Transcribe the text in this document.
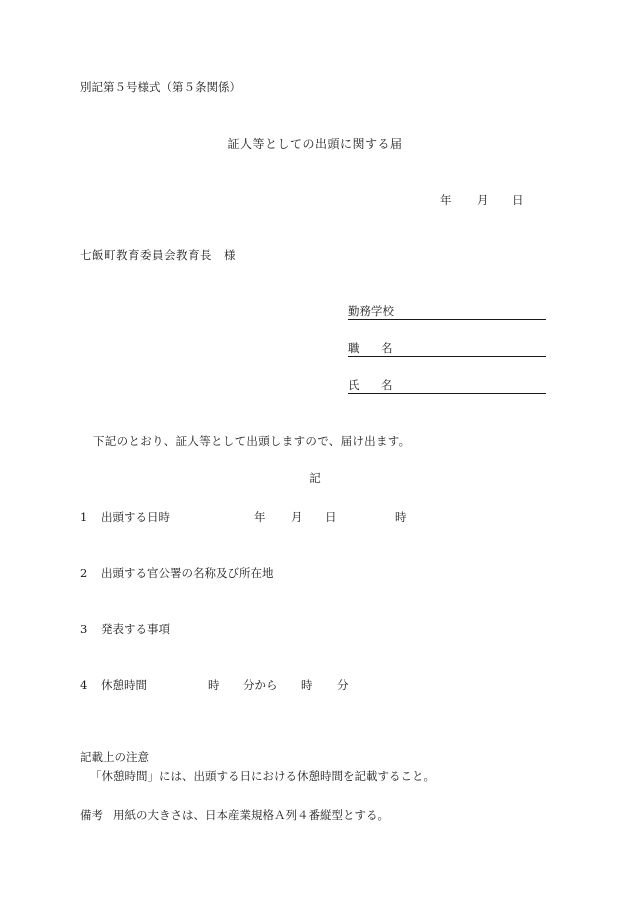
別記第５号様式（第５条関係）
証人等としての出頭に関する届
年 月 日
七飯町教育委員会教育長　様
勤務学校
職 名
氏 名
下記のとおり、証人等として出頭しますので、届け出ます。
記
1 出頭する日時	年 月 日	時
2 出頭する官公署の名称及び所在地
3 発表する事項
4 休憩時間	時 分から 時 分
記載上の注意
「休憩時間」には、出頭する日における休憩時間を記載すること。
備考 用紙の大きさは、日本産業規格Ａ列４番縦型とする。
